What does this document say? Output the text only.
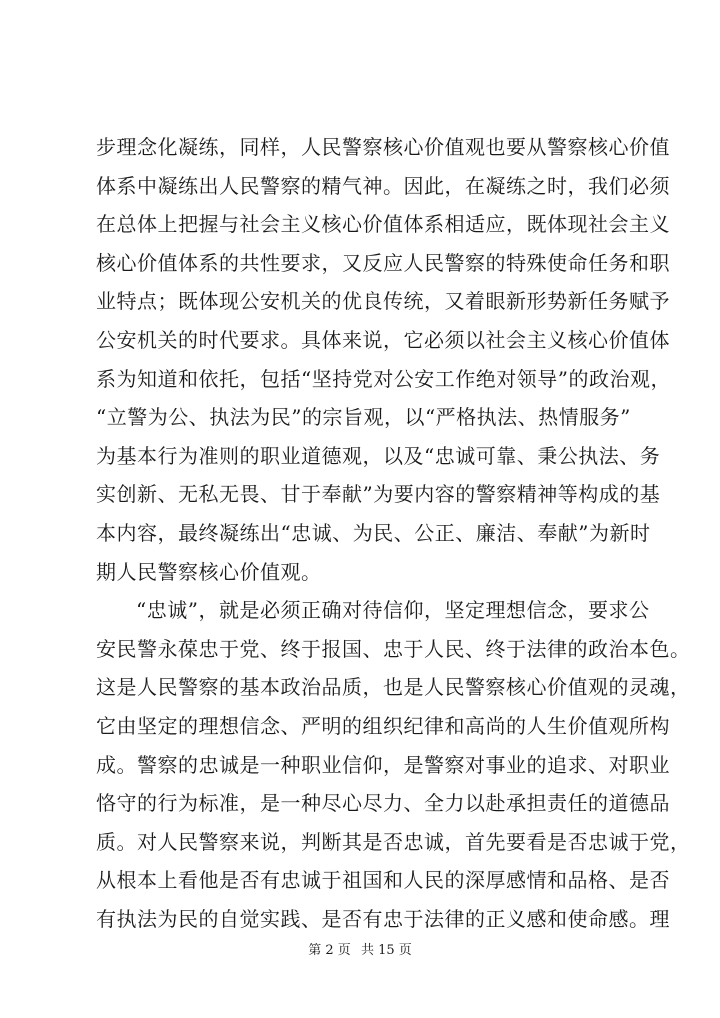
步理念化凝练，同样，人民警察核心价值观也要从警察核心价值
体系中凝练出人民警察的精气神。因此，在凝练之时，我们必须
在总体上把握与社会主义核心价值体系相适应，既体现社会主义
核心价值体系的共性要求，又反应人民警察的特殊使命任务和职
业特点；既体现公安机关的优良传统，又着眼新形势新任务赋予
公安机关的时代要求。具体来说，它必须以社会主义核心价值体
系为知道和依托，包括“坚持党对公安工作绝对领导”的政治观，
“立警为公、执法为民”的宗旨观，以“严格执法、热情服务”
为基本行为准则的职业道德观，以及“忠诚可靠、秉公执法、务
实创新、无私无畏、甘于奉献”为要内容的警察精神等构成的基
本内容，最终凝练出“忠诚、为民、公正、廉洁、奉献”为新时
期人民警察核心价值观。
“忠诚”，就是必须正确对待信仰，坚定理想信念，要求公
安民警永葆忠于党、终于报国、忠于人民、终于法律的政治本色。
这是人民警察的基本政治品质，也是人民警察核心价值观的灵魂，
它由坚定的理想信念、严明的组织纪律和高尚的人生价值观所构
成。警察的忠诚是一种职业信仰，是警察对事业的追求、对职业
恪守的行为标准，是一种尽心尽力、全力以赴承担责任的道德品
质。对人民警察来说，判断其是否忠诚，首先要看是否忠诚于党，
从根本上看他是否有忠诚于祖国和人民的深厚感情和品格、是否
有执法为民的自觉实践、是否有忠于法律的正义感和使命感。理
第 2 页 共 15 页
